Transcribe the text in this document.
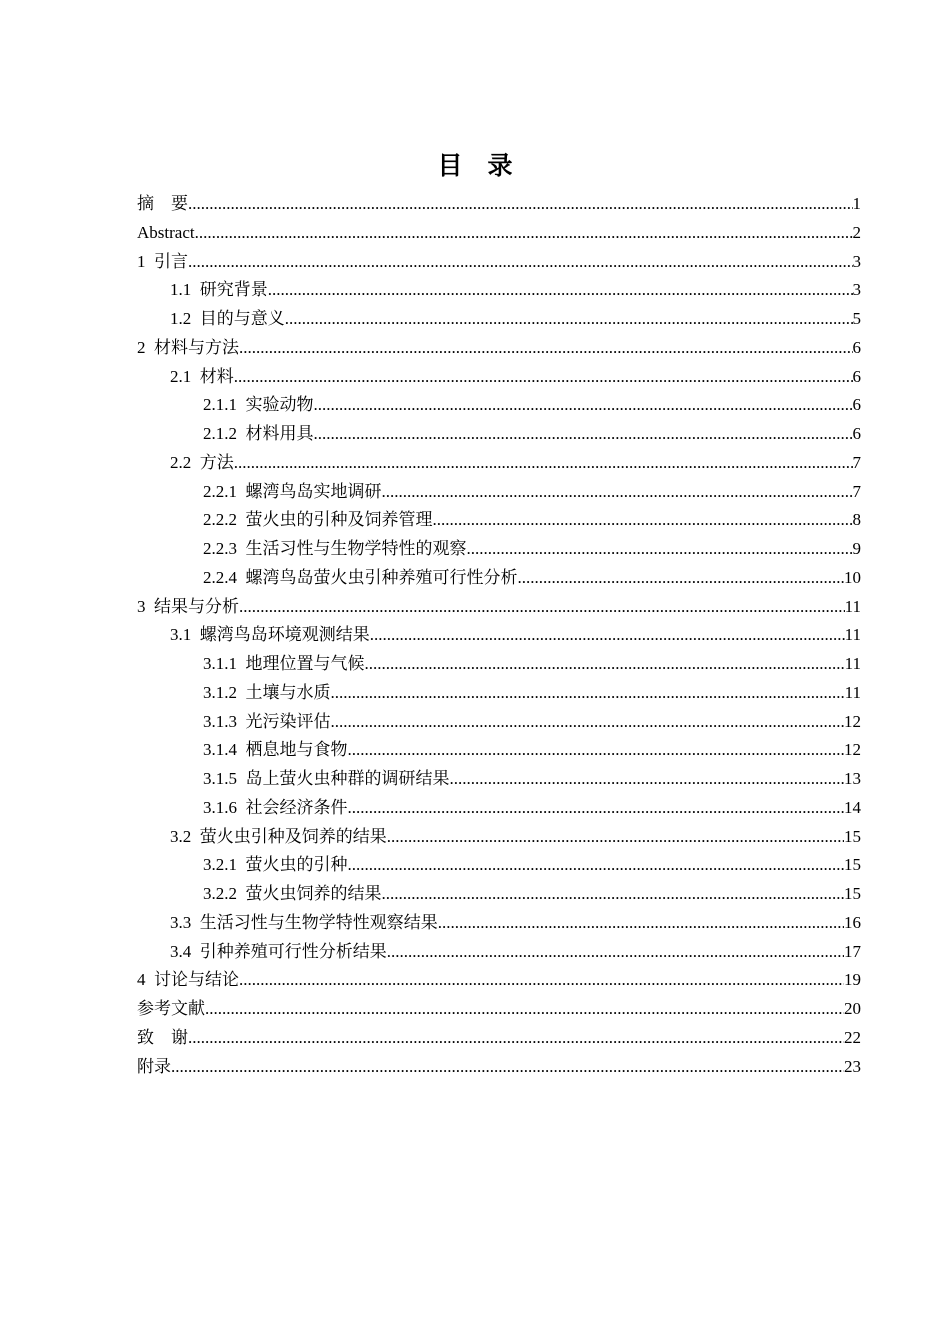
目　录
摘　要 .....	1
Abstract .....	2
1  引言 .....	3
1.1  研究背景 .....	3
1.2  目的与意义 .....	5
2  材料与方法 .....	6
2.1  材料 .....	6
2.1.1  实验动物 .....	6
2.1.2  材料用具 .....	6
2.2  方法 .....	7
2.2.1  螺湾鸟岛实地调研 .....	7
2.2.2  萤火虫的引种及饲养管理 .....	8
2.2.3  生活习性与生物学特性的观察 .....	9
2.2.4  螺湾鸟岛萤火虫引种养殖可行性分析 .....	10
3  结果与分析 .....	11
3.1  螺湾鸟岛环境观测结果 .....	11
3.1.1  地理位置与气候 .....	11
3.1.2  土壤与水质 .....	11
3.1.3  光污染评估 .....	12
3.1.4  栖息地与食物 .....	12
3.1.5  岛上萤火虫种群的调研结果 .....	13
3.1.6  社会经济条件 .....	14
3.2  萤火虫引种及饲养的结果 .....	15
3.2.1  萤火虫的引种 .....	15
3.2.2  萤火虫饲养的结果 .....	15
3.3  生活习性与生物学特性观察结果 .....	16
3.4  引种养殖可行性分析结果 .....	17
4  讨论与结论 .....	19
参考文献 .....	20
致　谢 .....	22
附录 .....	23
